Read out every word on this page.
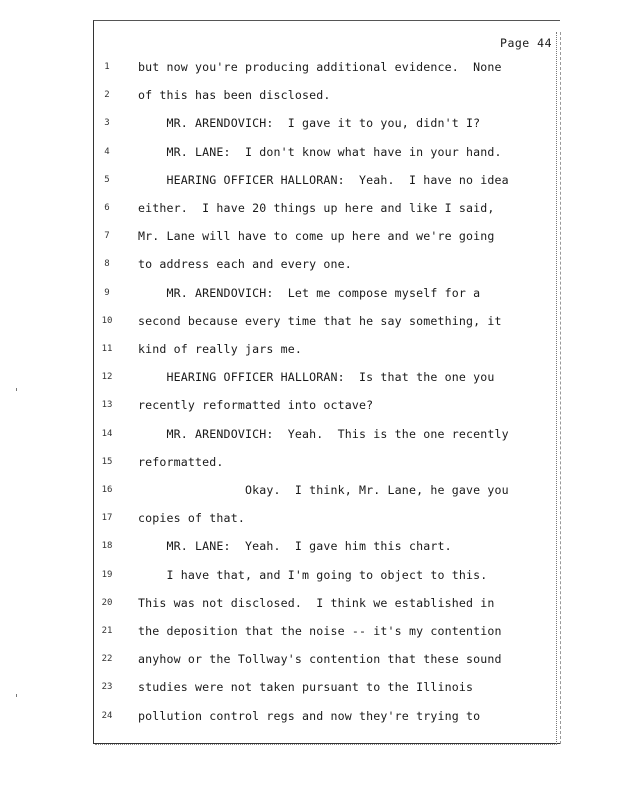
Page 44
1	but now you're producing additional evidence.  None
2	of this has been disclosed.
3	MR. ARENDOVICH:  I gave it to you, didn't I?
4	MR. LANE:  I don't know what have in your hand.
5	HEARING OFFICER HALLORAN:  Yeah.  I have no idea
6	either.  I have 20 things up here and like I said,
7	Mr. Lane will have to come up here and we're going
8	to address each and every one.
9	MR. ARENDOVICH:  Let me compose myself for a
10	second because every time that he say something, it
11	kind of really jars me.
12	HEARING OFFICER HALLORAN:  Is that the one you
13	recently reformatted into octave?
14	MR. ARENDOVICH:  Yeah.  This is the one recently
15	reformatted.
16	Okay.  I think, Mr. Lane, he gave you
17	copies of that.
18	MR. LANE:  Yeah.  I gave him this chart.
19	I have that, and I'm going to object to this.
20	This was not disclosed.  I think we established in
21	the deposition that the noise -- it's my contention
22	anyhow or the Tollway's contention that these sound
23	studies were not taken pursuant to the Illinois
24	pollution control regs and now they're trying to
